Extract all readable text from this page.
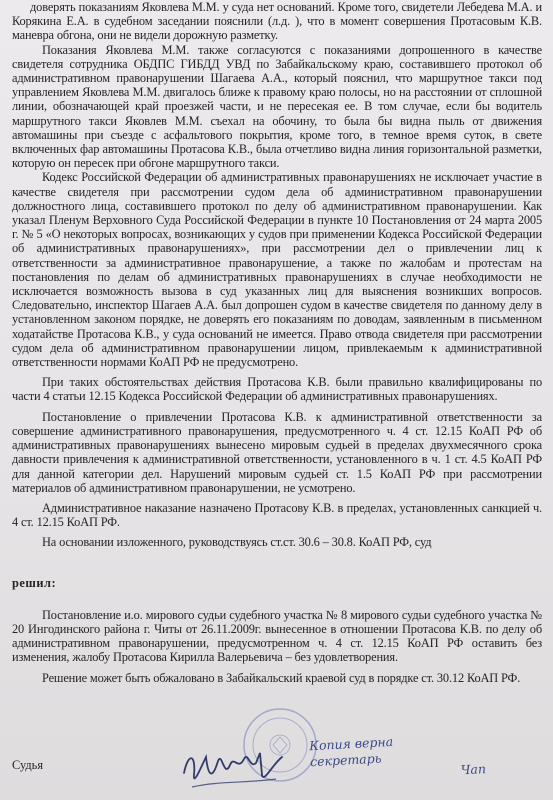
доверять показаниям Яковлева М.М. у суда нет оснований. Кроме того, свидетели Лебедева М.А. и Корякина Е.А. в судебном заседании пояснили (л.д. ), что в момент совершения Протасовым К.В. маневра обгона, они не видели дорожную разметку.

Показания Яковлева М.М. также согласуются с показаниями допрошенного в качестве свидетеля сотрудника ОБДПС ГИБДД УВД по Забайкальскому краю, составившего протокол об административном правонарушении Шагаева А.А., который пояснил, что маршрутное такси под управлением Яковлева М.М. двигалось ближе к правому краю полосы, но на расстоянии от сплошной линии, обозначающей край проезжей части, и не пересекая ее. В том случае, если бы водитель маршрутного такси Яковлев М.М. съехал на обочину, то была бы видна пыль от движения автомашины при съезде с асфальтового покрытия, кроме того, в темное время суток, в свете включенных фар автомашины Протасова К.В., была отчетливо видна линия горизонтальной разметки, которую он пересек при обгоне маршрутного такси.

Кодекс Российской Федерации об административных правонарушениях не исключает участие в качестве свидетеля при рассмотрении судом дела об административном правонарушении должностного лица, составившего протокол по делу об административном правонарушении. Как указал Пленум Верховного Суда Российской Федерации в пункте 10 Постановления от 24 марта 2005 г. № 5 «О некоторых вопросах, возникающих у судов при применении Кодекса Российской Федерации об административных правонарушениях», при рассмотрении дел о привлечении лиц к ответственности за административное правонарушение, а также по жалобам и протестам на постановления по делам об административных правонарушениях в случае необходимости не исключается возможность вызова в суд указанных лиц для выяснения возникших вопросов. Следовательно, инспектор Шагаев А.А. был допрошен судом в качестве свидетеля по данному делу в установленном законом порядке, не доверять его показаниям по доводам, заявленным в письменном ходатайстве Протасова К.В., у суда оснований не имеется. Право отвода свидетеля при рассмотрении судом дела об административном правонарушении лицом, привлекаемым к административной ответственности нормами КоАП РФ не предусмотрено.

При таких обстоятельствах действия Протасова К.В. были правильно квалифицированы по части 4 статьи 12.15 Кодекса Российской Федерации об административных правонарушениях.

Постановление о привлечении Протасова К.В. к административной ответственности за совершение административного правонарушения, предусмотренного ч. 4 ст. 12.15 КоАП РФ об административных правонарушениях вынесено мировым судьей в пределах двухмесячного срока давности привлечения к административной ответственности, установленного в ч. 1 ст. 4.5 КоАП РФ для данной категории дел. Нарушений мировым судьей ст. 1.5 КоАП РФ при рассмотрении материалов об административном правонарушении, не усмотрено.

Административное наказание назначено Протасову К.В. в пределах, установленных санкцией ч. 4 ст. 12.15 КоАП РФ.

На основании изложенного, руководствуясь ст.ст. 30.6 – 30.8. КоАП РФ, суд

решил:

Постановление и.о. мирового судьи судебного участка № 8 мирового судьи судебного участка № 20 Ингодинского района г. Читы от 26.11.2009г. вынесенное в отношении Протасова К.В. по делу об административном правонарушении, предусмотренном ч. 4 ст. 12.15 КоАП РФ оставить без изменения, жалобу Протасова Кирилла Валерьевича – без удовлетворения.

Решение может быть обжаловано в Забайкальский краевой суд в порядке ст. 30.12 КоАП РФ.

Копия верна
секретарь	Чап
Судья
